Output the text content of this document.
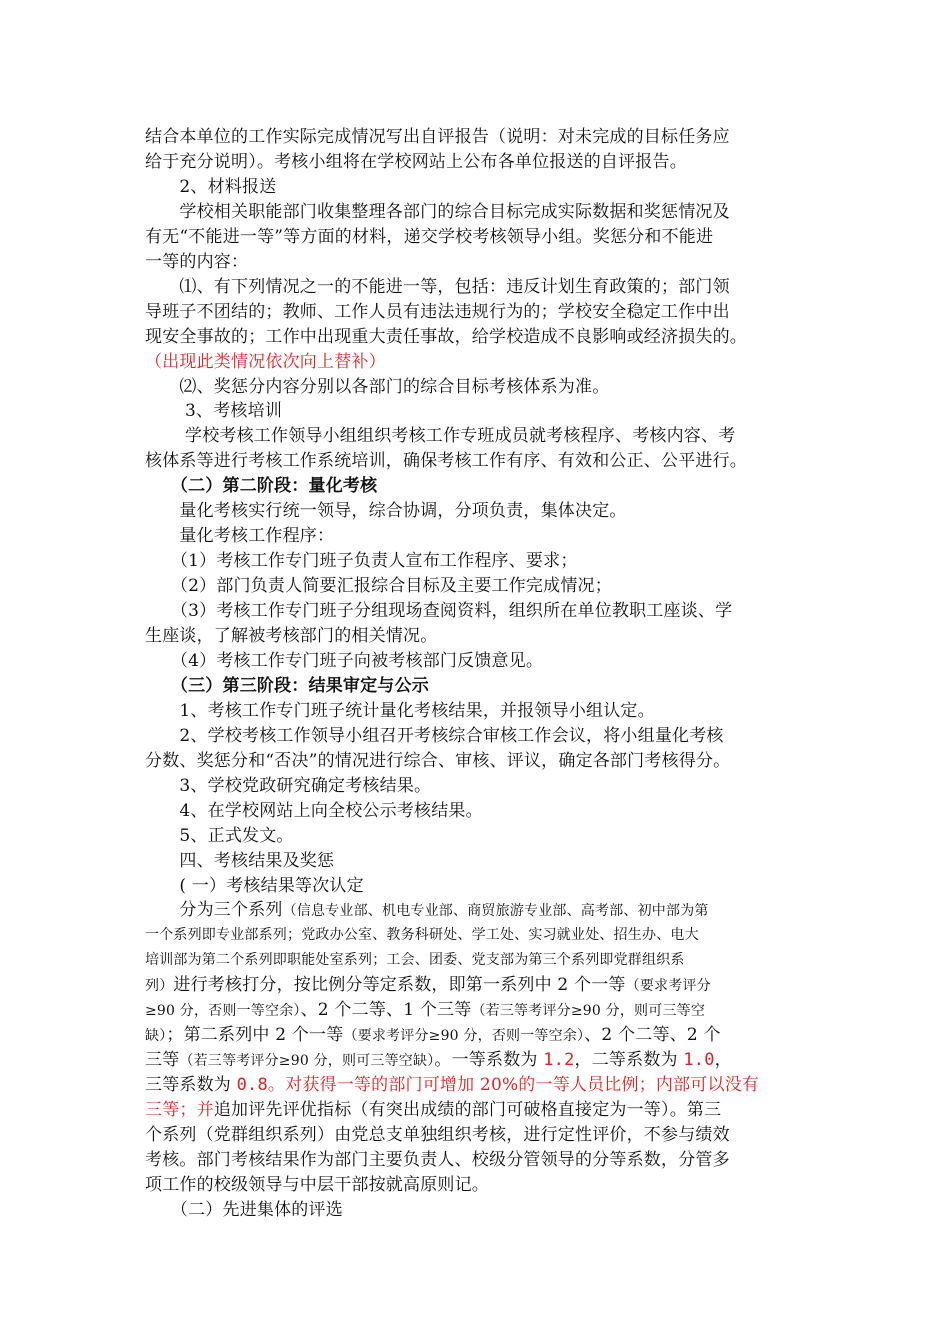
结合本单位的工作实际完成情况写出自评报告（说明：对未完成的目标任务应
给于充分说明）。考核小组将在学校网站上公布各单位报送的自评报告。
　　2、材料报送
　　学校相关职能部门收集整理各部门的综合目标完成实际数据和奖惩情况及
有无“不能进一等”等方面的材料，递交学校考核领导小组。奖惩分和不能进
一等的内容：
　　⑴、有下列情况之一的不能进一等，包括：违反计划生育政策的；部门领
导班子不团结的；教师、工作人员有违法违规行为的；学校安全稳定工作中出
现安全事故的；工作中出现重大责任事故，给学校造成不良影响或经济损失的。
（出现此类情况依次向上替补）
　　⑵、奖惩分内容分别以各部门的综合目标考核体系为准。
　　 3、考核培训
　　 学校考核工作领导小组组织考核工作专班成员就考核程序、考核内容、考
核体系等进行考核工作系统培训，确保考核工作有序、有效和公正、公平进行。
　　（二）第二阶段：量化考核
　　量化考核实行统一领导，综合协调，分项负责，集体决定。
　　量化考核工作程序：
　　（1）考核工作专门班子负责人宣布工作程序、要求；
　　（2）部门负责人简要汇报综合目标及主要工作完成情况；
　　（3）考核工作专门班子分组现场查阅资料，组织所在单位教职工座谈、学
生座谈，了解被考核部门的相关情况。
　　（4）考核工作专门班子向被考核部门反馈意见。
　　（三）第三阶段：结果审定与公示
　　1、考核工作专门班子统计量化考核结果，并报领导小组认定。
　　2、学校考核工作领导小组召开考核综合审核工作会议，将小组量化考核
分数、奖惩分和“否决”的情况进行综合、审核、评议，确定各部门考核得分。
　　3、学校党政研究确定考核结果。
　　4、在学校网站上向全校公示考核结果。
　　5、正式发文。
　　四、考核结果及奖惩
　　( 一）考核结果等次认定
　　分为三个系列（信息专业部、机电专业部、商贸旅游专业部、高考部、初中部为第
一个系列即专业部系列；党政办公室、教务科研处、学工处、实习就业处、招生办、电大
培训部为第二个系列即职能处室系列；工会、团委、党支部为第三个系列即党群组织系
列）进行考核打分，按比例分等定系数，即第一系列中 2 个一等（要求考评分
≥90 分，否则一等空余）、2 个二等、1 个三等（若三等考评分≥90 分，则可三等空
缺）；第二系列中 2 个一等（要求考评分≥90 分，否则一等空余）、2 个二等、2 个
三等（若三等考评分≥90 分，则可三等空缺）。一等系数为 1.2，二等系数为 1.0，
三等系数为 0.8。对获得一等的部门可增加 20%的一等人员比例；内部可以没有
三等；并追加评先评优指标（有突出成绩的部门可破格直接定为一等）。第三
个系列（党群组织系列）由党总支单独组织考核，进行定性评价，不参与绩效
考核。部门考核结果作为部门主要负责人、校级分管领导的分等系数，分管多
项工作的校级领导与中层干部按就高原则记。
　　（二）先进集体的评选
